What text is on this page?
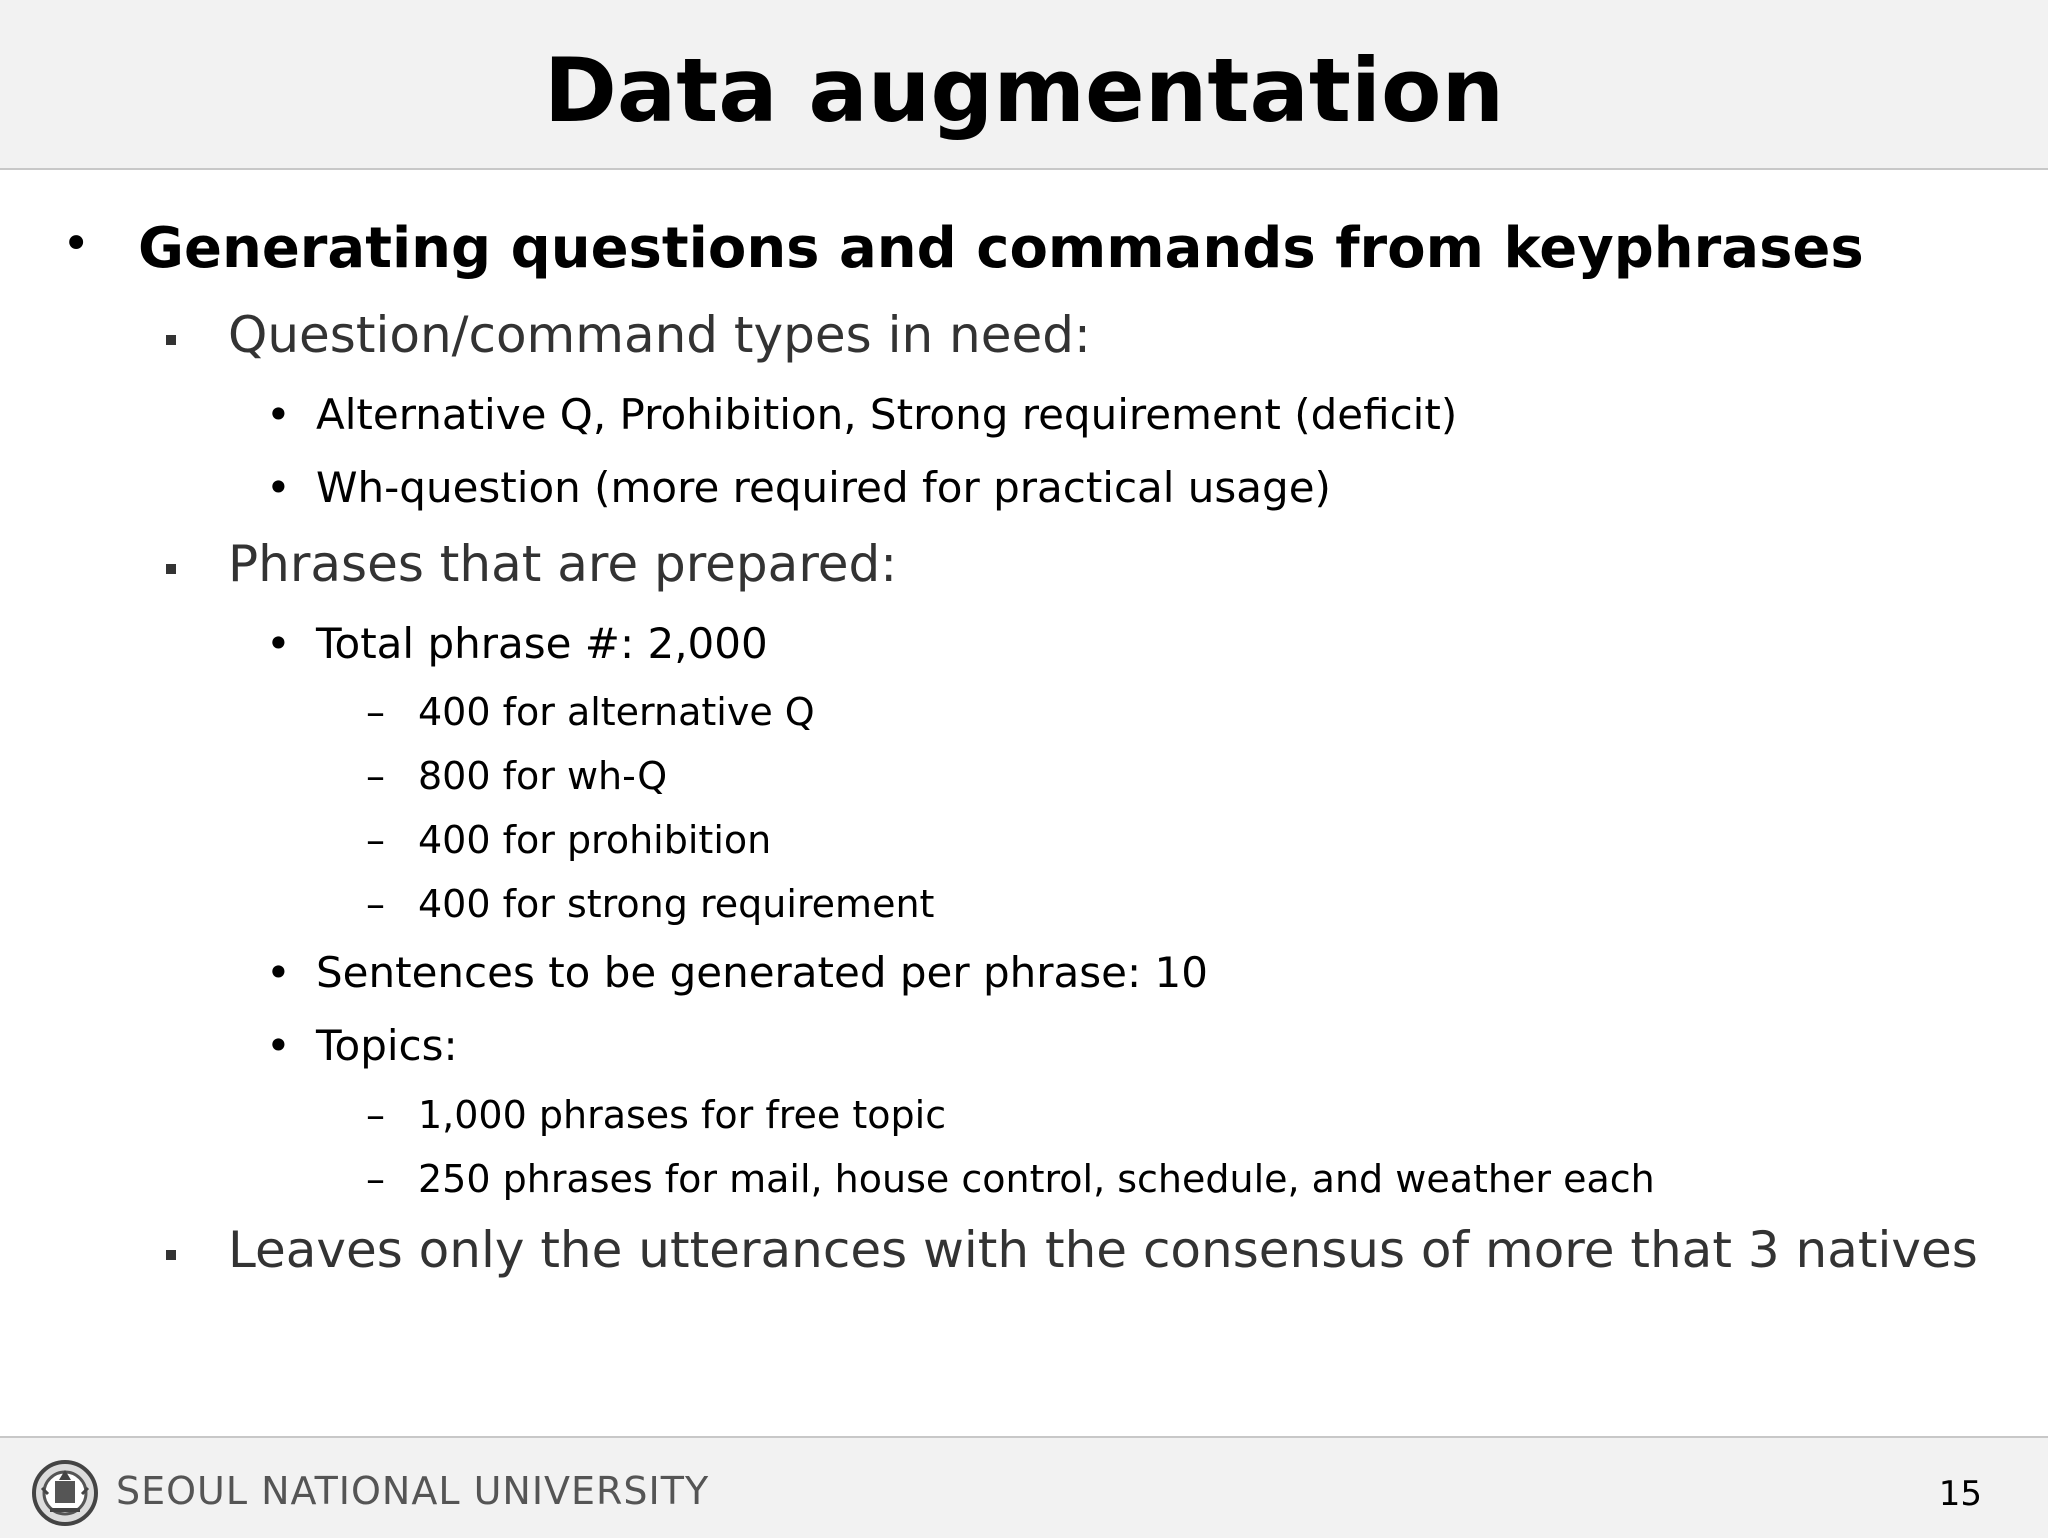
Data augmentation
• Generating questions and commands from keyphrases
Question/command types in need:
• Alternative Q, Prohibition, Strong requirement (deficit)
• Wh-question (more required for practical usage)
Phrases that are prepared:
• Total phrase #: 2,000
– 400 for alternative Q
– 800 for wh-Q
– 400 for prohibition
– 400 for strong requirement
• Sentences to be generated per phrase: 10
• Topics:
– 1,000 phrases for free topic
– 250 phrases for mail, house control, schedule, and weather each
Leaves only the utterances with the consensus of more that 3 natives
SEOUL NATIONAL UNIVERSITY	15
